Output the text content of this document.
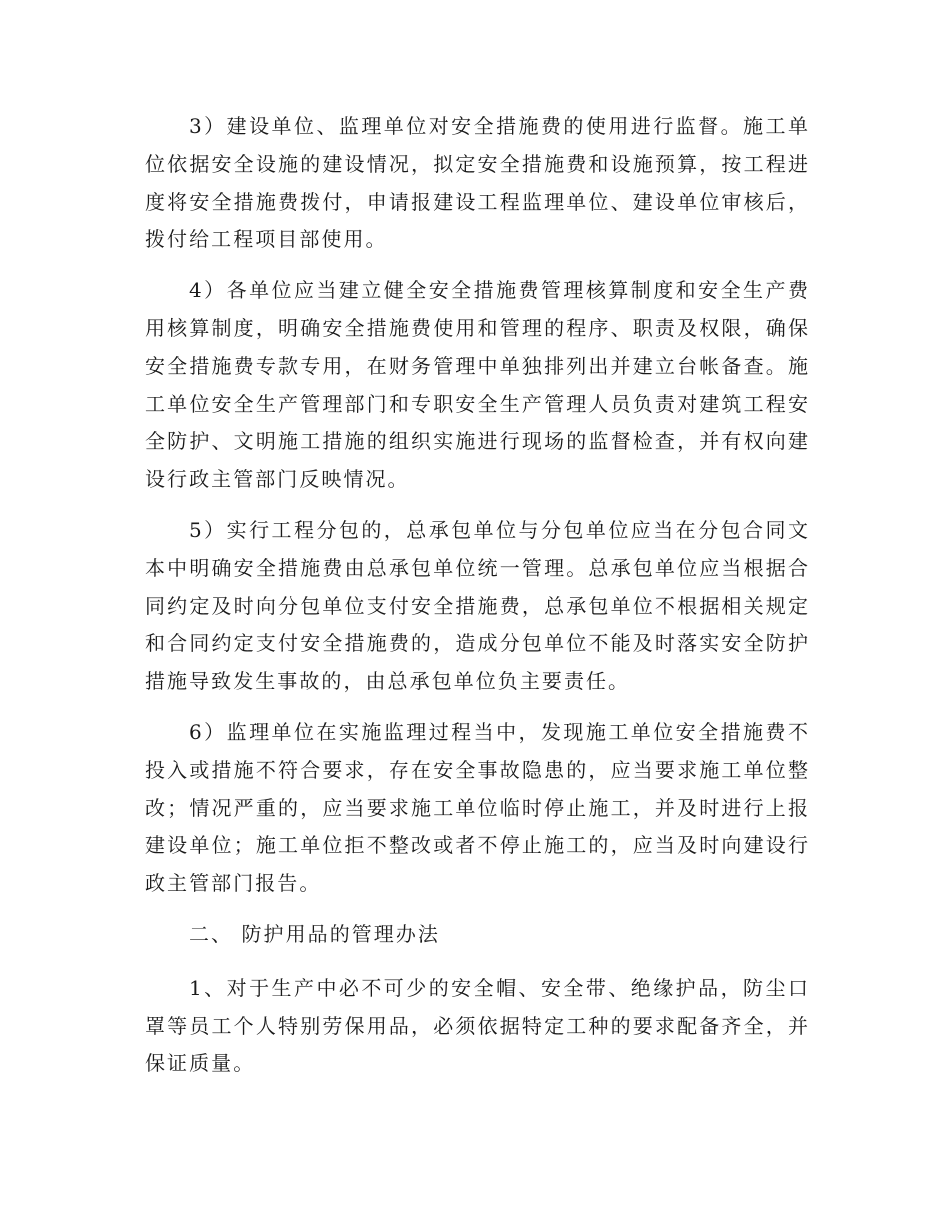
3）建设单位、监理单位对安全措施费的使用进行监督。施工单位依据安全设施的建设情况，拟定安全措施费和设施预算，按工程进度将安全措施费拨付，申请报建设工程监理单位、建设单位审核后，拨付给工程项目部使用。

4）各单位应当建立健全安全措施费管理核算制度和安全生产费用核算制度，明确安全措施费使用和管理的程序、职责及权限，确保安全措施费专款专用，在财务管理中单独排列出并建立台帐备查。施工单位安全生产管理部门和专职安全生产管理人员负责对建筑工程安全防护、文明施工措施的组织实施进行现场的监督检查，并有权向建设行政主管部门反映情况。

5）实行工程分包的，总承包单位与分包单位应当在分包合同文本中明确安全措施费由总承包单位统一管理。总承包单位应当根据合同约定及时向分包单位支付安全措施费，总承包单位不根据相关规定和合同约定支付安全措施费的，造成分包单位不能及时落实安全防护措施导致发生事故的，由总承包单位负主要责任。

6）监理单位在实施监理过程当中，发现施工单位安全措施费不投入或措施不符合要求，存在安全事故隐患的，应当要求施工单位整改；情况严重的，应当要求施工单位临时停止施工，并及时进行上报建设单位；施工单位拒不整改或者不停止施工的，应当及时向建设行政主管部门报告。

二、 防护用品的管理办法

1、对于生产中必不可少的安全帽、安全带、绝缘护品，防尘口罩等员工个人特别劳保用品，必须依据特定工种的要求配备齐全，并保证质量。
